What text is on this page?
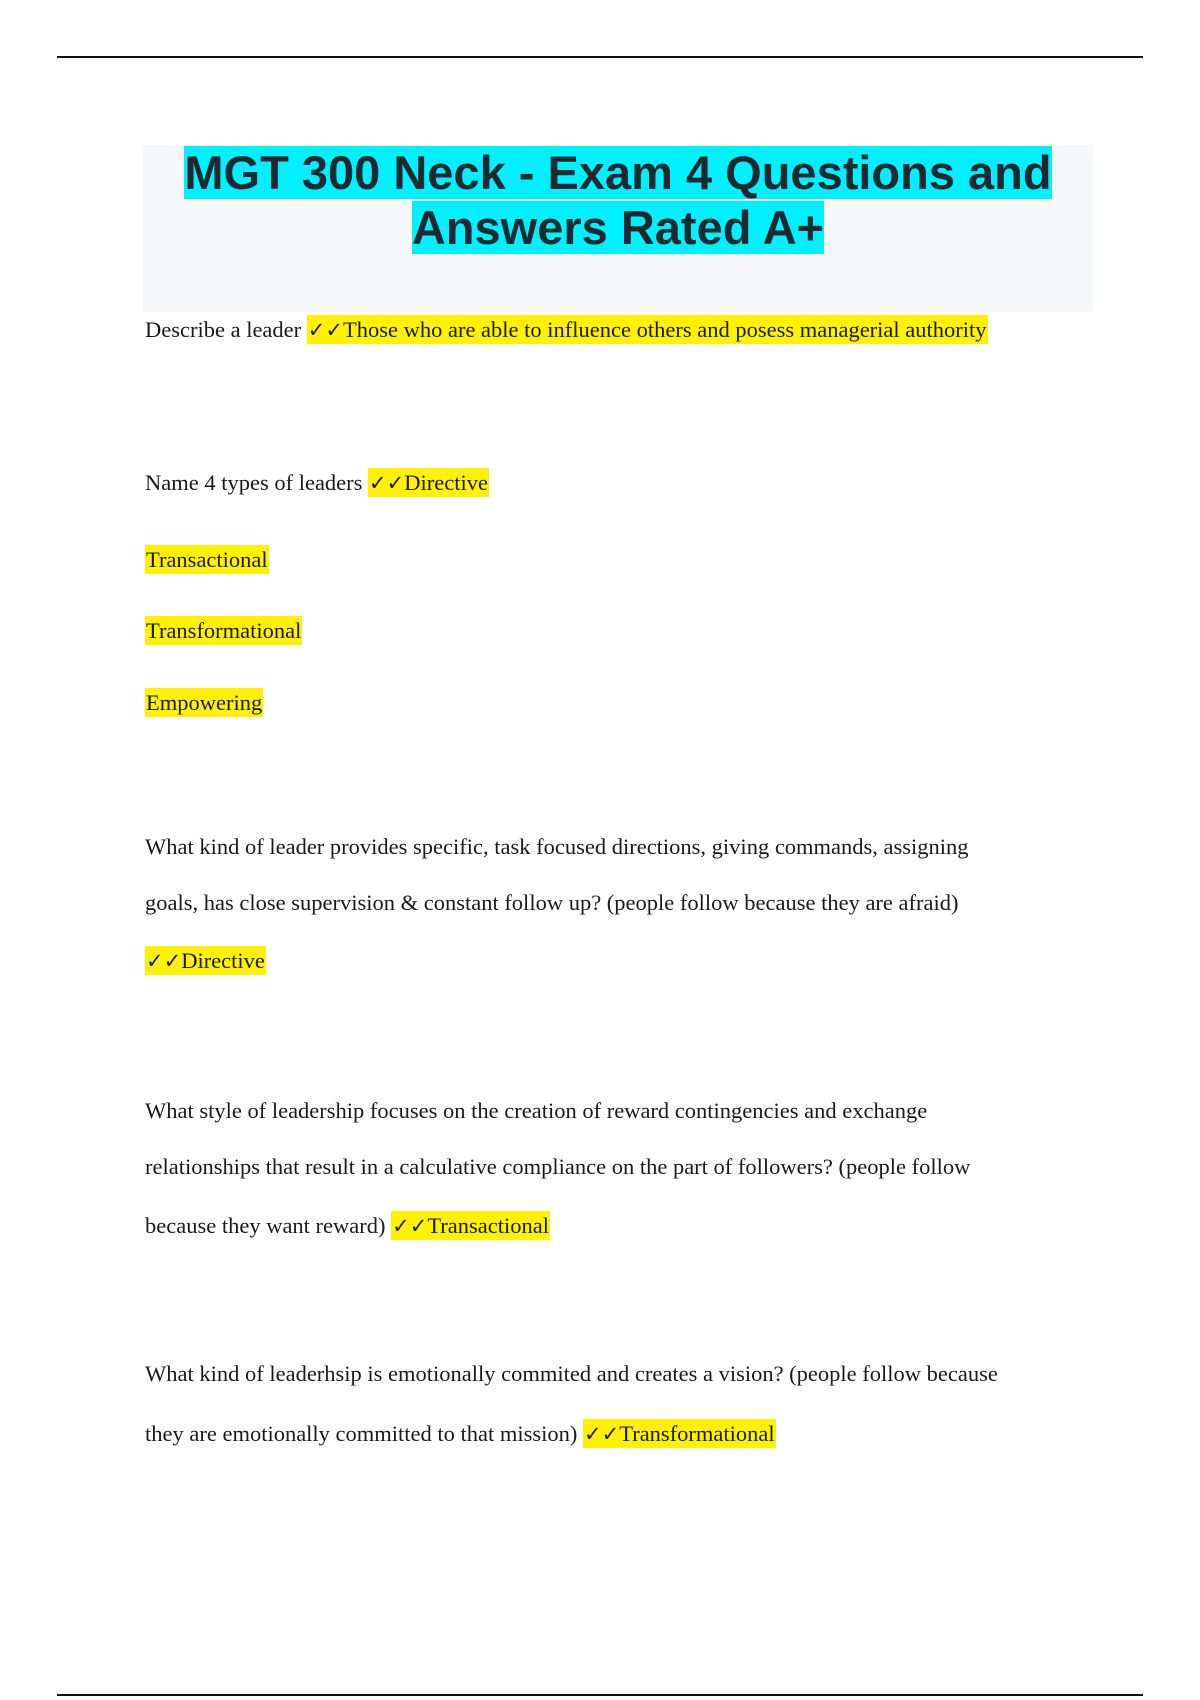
MGT 300 Neck - Exam 4 Questions and
Answers Rated A+
Describe a leader ✓✓Those who are able to influence others and posess managerial authority
Name 4 types of leaders ✓✓Directive
Transactional
Transformational
Empowering
What kind of leader provides specific, task focused directions, giving commands, assigning
goals, has close supervision & constant follow up? (people follow because they are afraid)
✓✓Directive
What style of leadership focuses on the creation of reward contingencies and exchange
relationships that result in a calculative compliance on the part of followers? (people follow
because they want reward) ✓✓Transactional
What kind of leaderhsip is emotionally commited and creates a vision? (people follow because
they are emotionally committed to that mission) ✓✓Transformational
